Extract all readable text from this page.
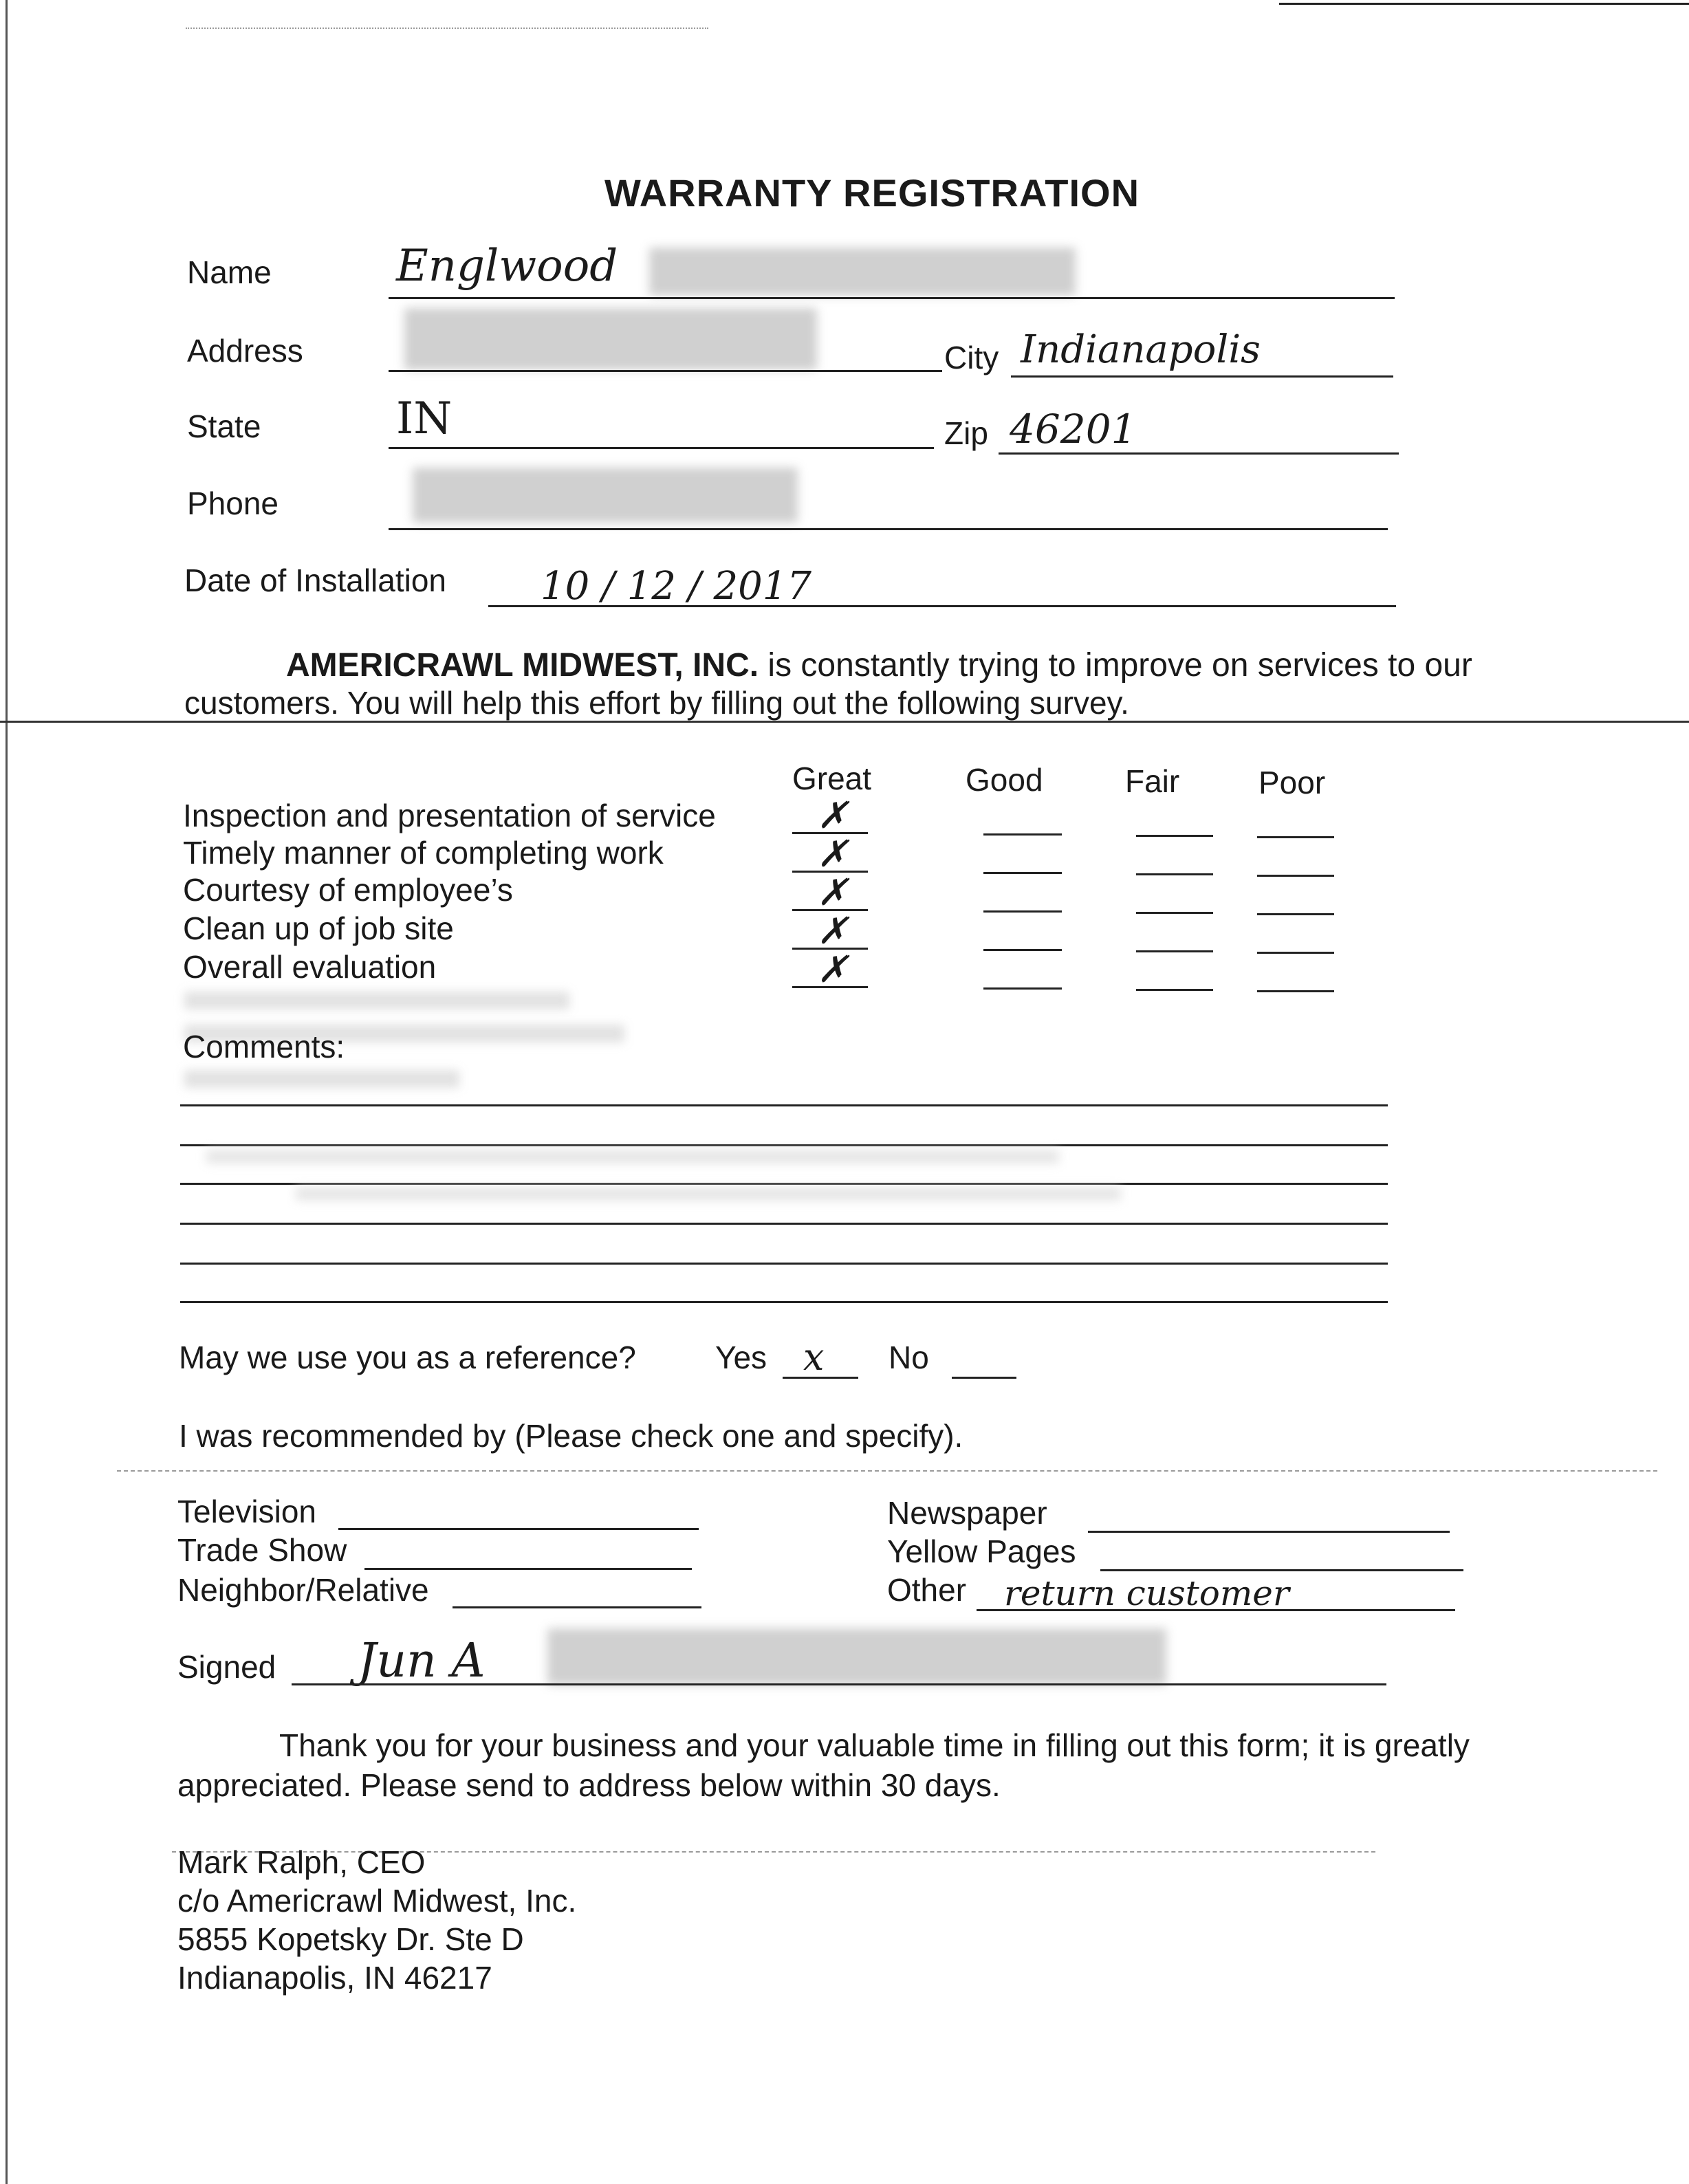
WARRANTY REGISTRATION
Name	Englwood
Address	City Indianapolis
State	IN	Zip 46201
Phone
Date of Installation 10 / 12 / 2017
AMERICRAWL MIDWEST, INC. is constantly trying to improve on services to our
customers. You will help this effort by filling out the following survey.
Great	Good	Fair Poor
Inspection and presentation of service	✗
Timely manner of completing work	✗
Courtesy of employee’s	✗
Clean up of job site	✗
Overall evaluation	✗
Comments:
May we use you as a reference?	Yes x No
I was recommended by (Please check one and specify).
Television
Trade Show
Neighbor/Relative
Newspaper
Yellow Pages
Other return customer
Signed Jun A
Thank you for your business and your valuable time in filling out this form; it is greatly
appreciated. Please send to address below within 30 days.
Mark Ralph, CEO
c/o Americrawl Midwest, Inc.
5855 Kopetsky Dr. Ste D
Indianapolis, IN 46217
